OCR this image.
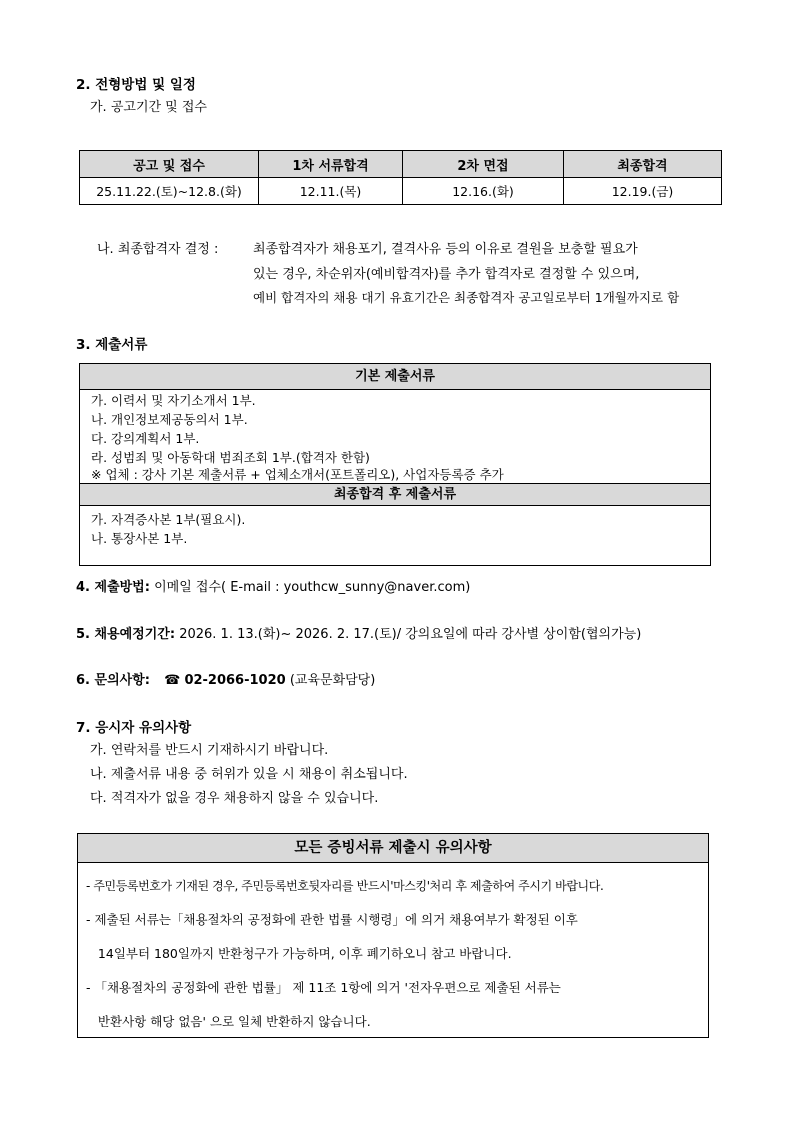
2. 전형방법 및 일정
가. 공고기간 및 접수
공고 및 접수	1차 서류합격	2차 면접	최종합격
25.11.22.(토)~12.8.(화)	12.11.(목)	12.16.(화)	12.19.(금)
나. 최종합격자 결정 :	최종합격자가 채용포기, 결격사유 등의 이유로 결원을 보충할 필요가
있는 경우, 차순위자(예비합격자)를 추가 합격자로 결정할 수 있으며,
예비 합격자의 채용 대기 유효기간은 최종합격자 공고일로부터 1개월까지로 함
3. 제출서류
기본 제출서류
가. 이력서 및 자기소개서 1부.
나. 개인정보제공동의서 1부.
다. 강의계획서 1부.
라. 성범죄 및 아동학대 범죄조회 1부.(합격자 한함)
※ 업체 : 강사 기본 제출서류 + 업체소개서(포트폴리오), 사업자등록증 추가
최종합격 후 제출서류
가. 자격증사본 1부(필요시).
나. 통장사본 1부.
4. 제출방법: 이메일 접수( E-mail : youthcw_sunny@naver.com)
5. 채용예정기간: 2026. 1. 13.(화)~ 2026. 2. 17.(토)/ 강의요일에 따라 강사별 상이함(협의가능)
6. 문의사항: ☎ 02-2066-1020 (교육문화담당)
7. 응시자 유의사항
가. 연락처를 반드시 기재하시기 바랍니다.
나. 제출서류 내용 중 허위가 있을 시 채용이 취소됩니다.
다. 적격자가 없을 경우 채용하지 않을 수 있습니다.
모든 증빙서류 제출시 유의사항
- 주민등록번호가 기재된 경우, 주민등록번호뒷자리를 반드시'마스킹'처리 후 제출하여 주시기 바랍니다.
- 제출된 서류는「채용절차의 공정화에 관한 법률 시행령」에 의거 채용여부가 확정된 이후
14일부터 180일까지 반환청구가 가능하며, 이후 폐기하오니 참고 바랍니다.
- 「채용절차의 공정화에 관한 법률」 제 11조 1항에 의거 '전자우편으로 제출된 서류는
반환사항 해당 없음' 으로 일체 반환하지 않습니다.
